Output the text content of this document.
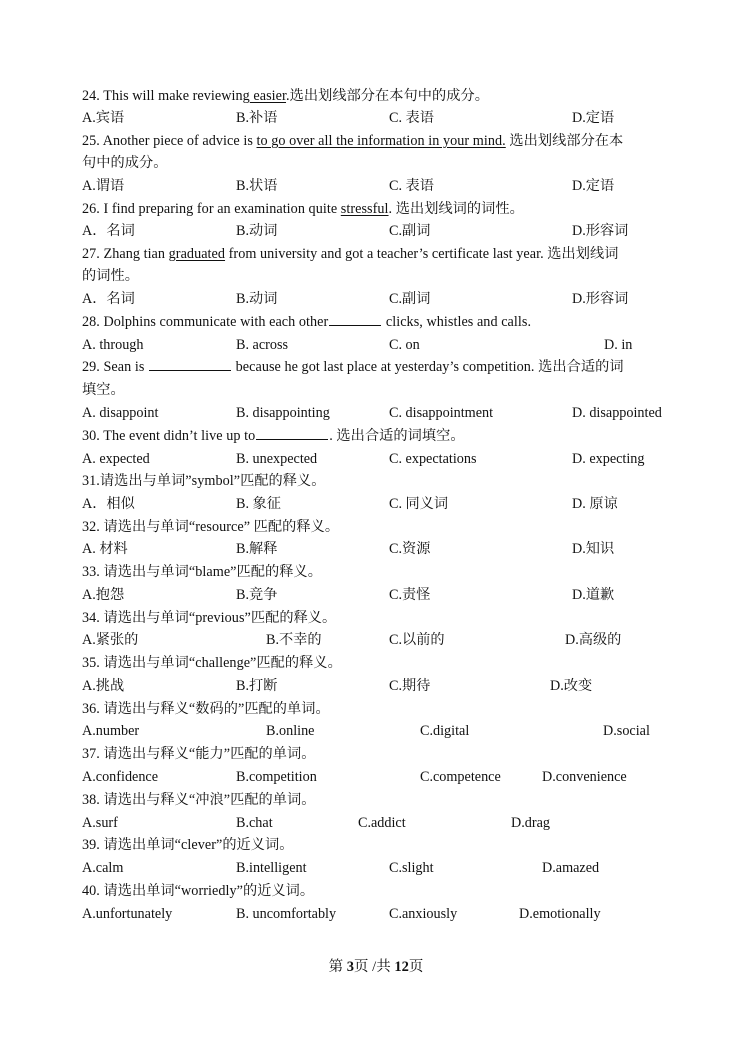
24. This will make reviewing easier.选出划线部分在本句中的成分。
A.宾语	B.补语	C. 表语	D.定语
25. Another piece of advice is to go over all the information in your mind. 选出划线部分在本
句中的成分。
A.谓语	B.状语	C. 表语	D.定语
26. I find preparing for an examination quite stressful. 选出划线词的词性。
A．名词	B.动词	C.副词	D.形容词
27. Zhang tian graduated from university and got a teacher’s certificate last year. 选出划线词
的词性。
A．名词	B.动词	C.副词	D.形容词
28. Dolphins communicate with each other	clicks, whistles and calls.
A. through	B. across	C. on	D. in
29. Sean is	because he got last place at yesterday’s competition. 选出合适的词
填空。
A. disappoint	B. disappointing	C. disappointment	D. disappointed
30. The event didn’t live up to	. 选出合适的词填空。
A. expected	B. unexpected	C. expectations	D. expecting
31.请选出与单词”symbol”匹配的释义。
A．相似	B. 象征	C. 同义词	D. 原谅
32. 请选出与单词“resource” 匹配的释义。
A. 材料	B.解释	C.资源	D.知识
33. 请选出与单词“blame”匹配的释义。
A.抱怨	B.竞争	C.责怪	D.道歉
34. 请选出与单词“previous”匹配的释义。
A.紧张的	B.不幸的	C.以前的	D.高级的
35. 请选出与单词“challenge”匹配的释义。
A.挑战	B.打断	C.期待	D.改变
36. 请选出与释义“数码的”匹配的单词。
A.number	B.online	C.digital	D.social
37. 请选出与释义“能力”匹配的单词。
A.confidence	B.competition	C.competence	D.convenience
38. 请选出与释义“冲浪”匹配的单词。
A.surf	B.chat	C.addict	D.drag
39. 请选出单词“clever”的近义词。
A.calm	B.intelligent	C.slight	D.amazed
40. 请选出单词“worriedly”的近义词。
A.unfortunately	B. uncomfortably	C.anxiously	D.emotionally
第 3页 /共 12页
